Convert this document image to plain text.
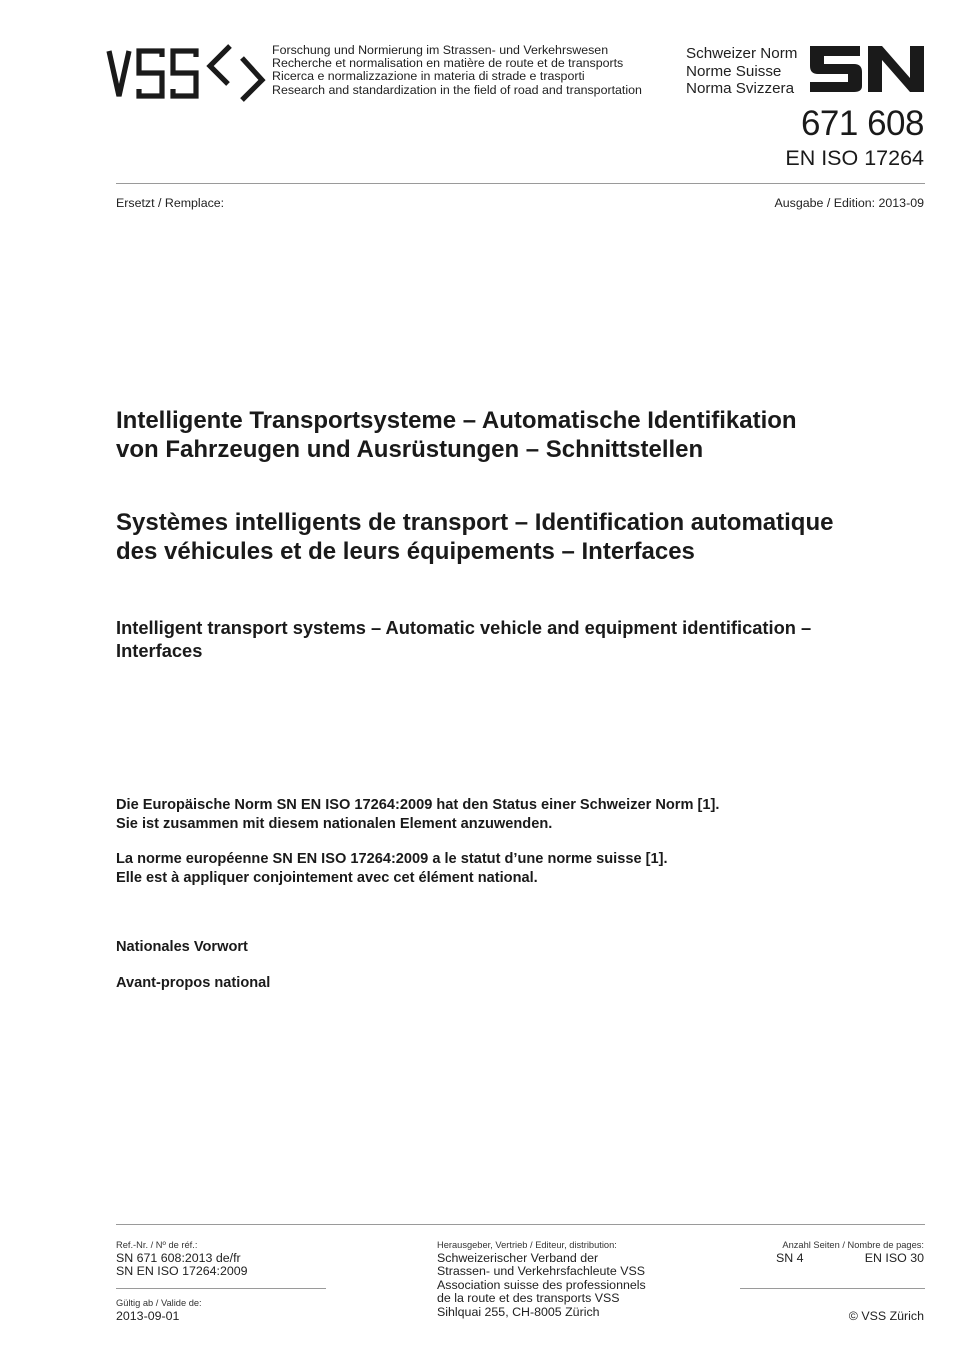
Forschung und Normierung im Strassen- und Verkehrswesen
Recherche et normalisation en matière de route et de transports
Ricerca e normalizzazione in materia di strade e trasporti
Research and standardization in the field of road and transportation
Schweizer Norm
Norme Suisse
Norma Svizzera
671 608
EN ISO 17264
Ersetzt / Remplace:	Ausgabe / Edition: 2013-09
Intelligente Transportsysteme – Automatische Identifikation
von Fahrzeugen und Ausrüstungen – Schnittstellen
Systèmes intelligents de transport – Identification automatique
des véhicules et de leurs équipements – Interfaces
Intelligent transport systems – Automatic vehicle and equipment identification –
Interfaces
Die Europäische Norm SN EN ISO 17264:2009 hat den Status einer Schweizer Norm [1].
Sie ist zusammen mit diesem nationalen Element anzuwenden.
La norme européenne SN EN ISO 17264:2009 a le statut d’une norme suisse [1].
Elle est à appliquer conjointement avec cet élément national.
Nationales Vorwort
Avant-propos national
Ref.-Nr. / Nº de réf.:
SN 671 608:2013 de/fr
SN EN ISO 17264:2009
Gültig ab / Valide de:
2013-09-01
Herausgeber, Vertrieb / Editeur, distribution:
Schweizerischer Verband der
Strassen- und Verkehrsfachleute VSS
Association suisse des professionnels
de la route et des transports VSS
Sihlquai 255, CH-8005 Zürich
Anzahl Seiten / Nombre de pages:
SN 4	EN ISO 30
© VSS Zürich
